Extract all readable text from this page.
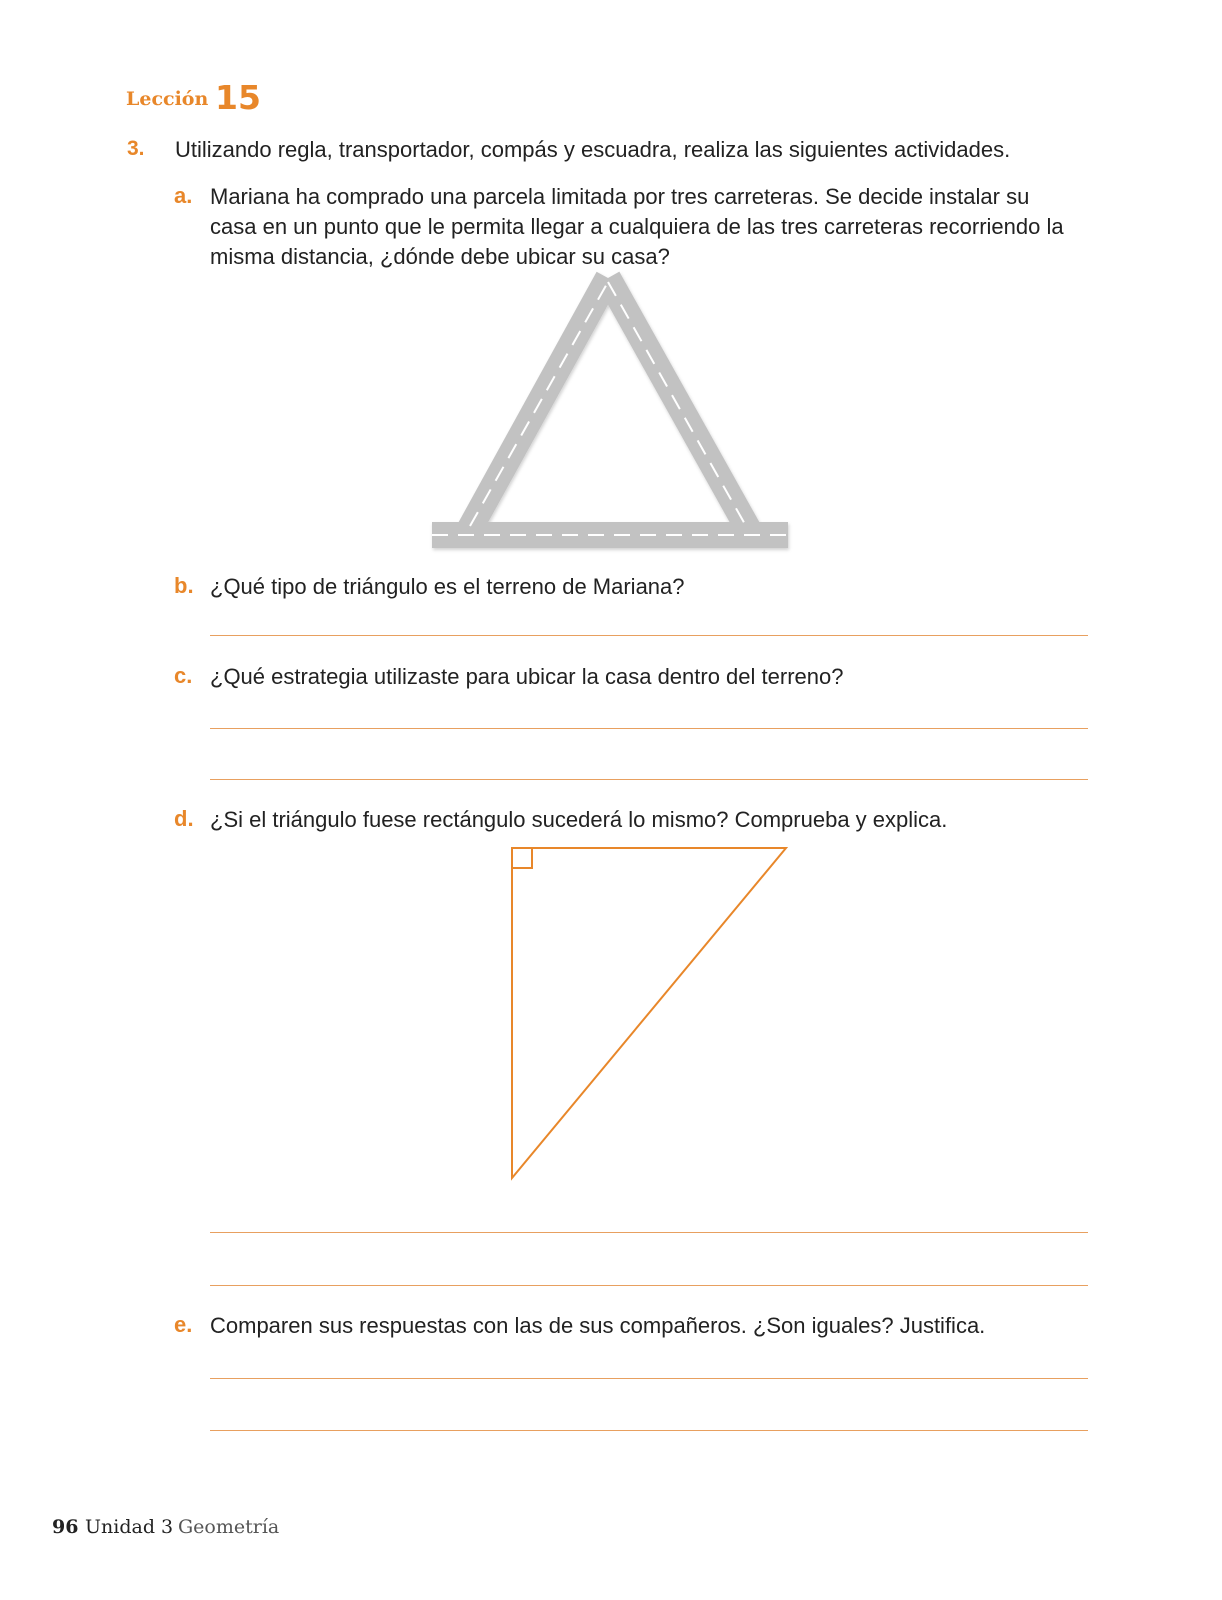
Lección 15
3. Utilizando regla, transportador, compás y escuadra, realiza las siguientes actividades.
a. Mariana ha comprado una parcela limitada por tres carreteras. Se decide instalar su
casa en un punto que le permita llegar a cualquiera de las tres carreteras recorriendo la
misma distancia, ¿dónde debe ubicar su casa?
b. ¿Qué tipo de triángulo es el terreno de Mariana?
c. ¿Qué estrategia utilizaste para ubicar la casa dentro del terreno?
d. ¿Si el triángulo fuese rectángulo sucederá lo mismo? Comprueba y explica.
e. Comparen sus respuestas con las de sus compañeros. ¿Son iguales? Justifica.
96 Unidad 3 Geometría
